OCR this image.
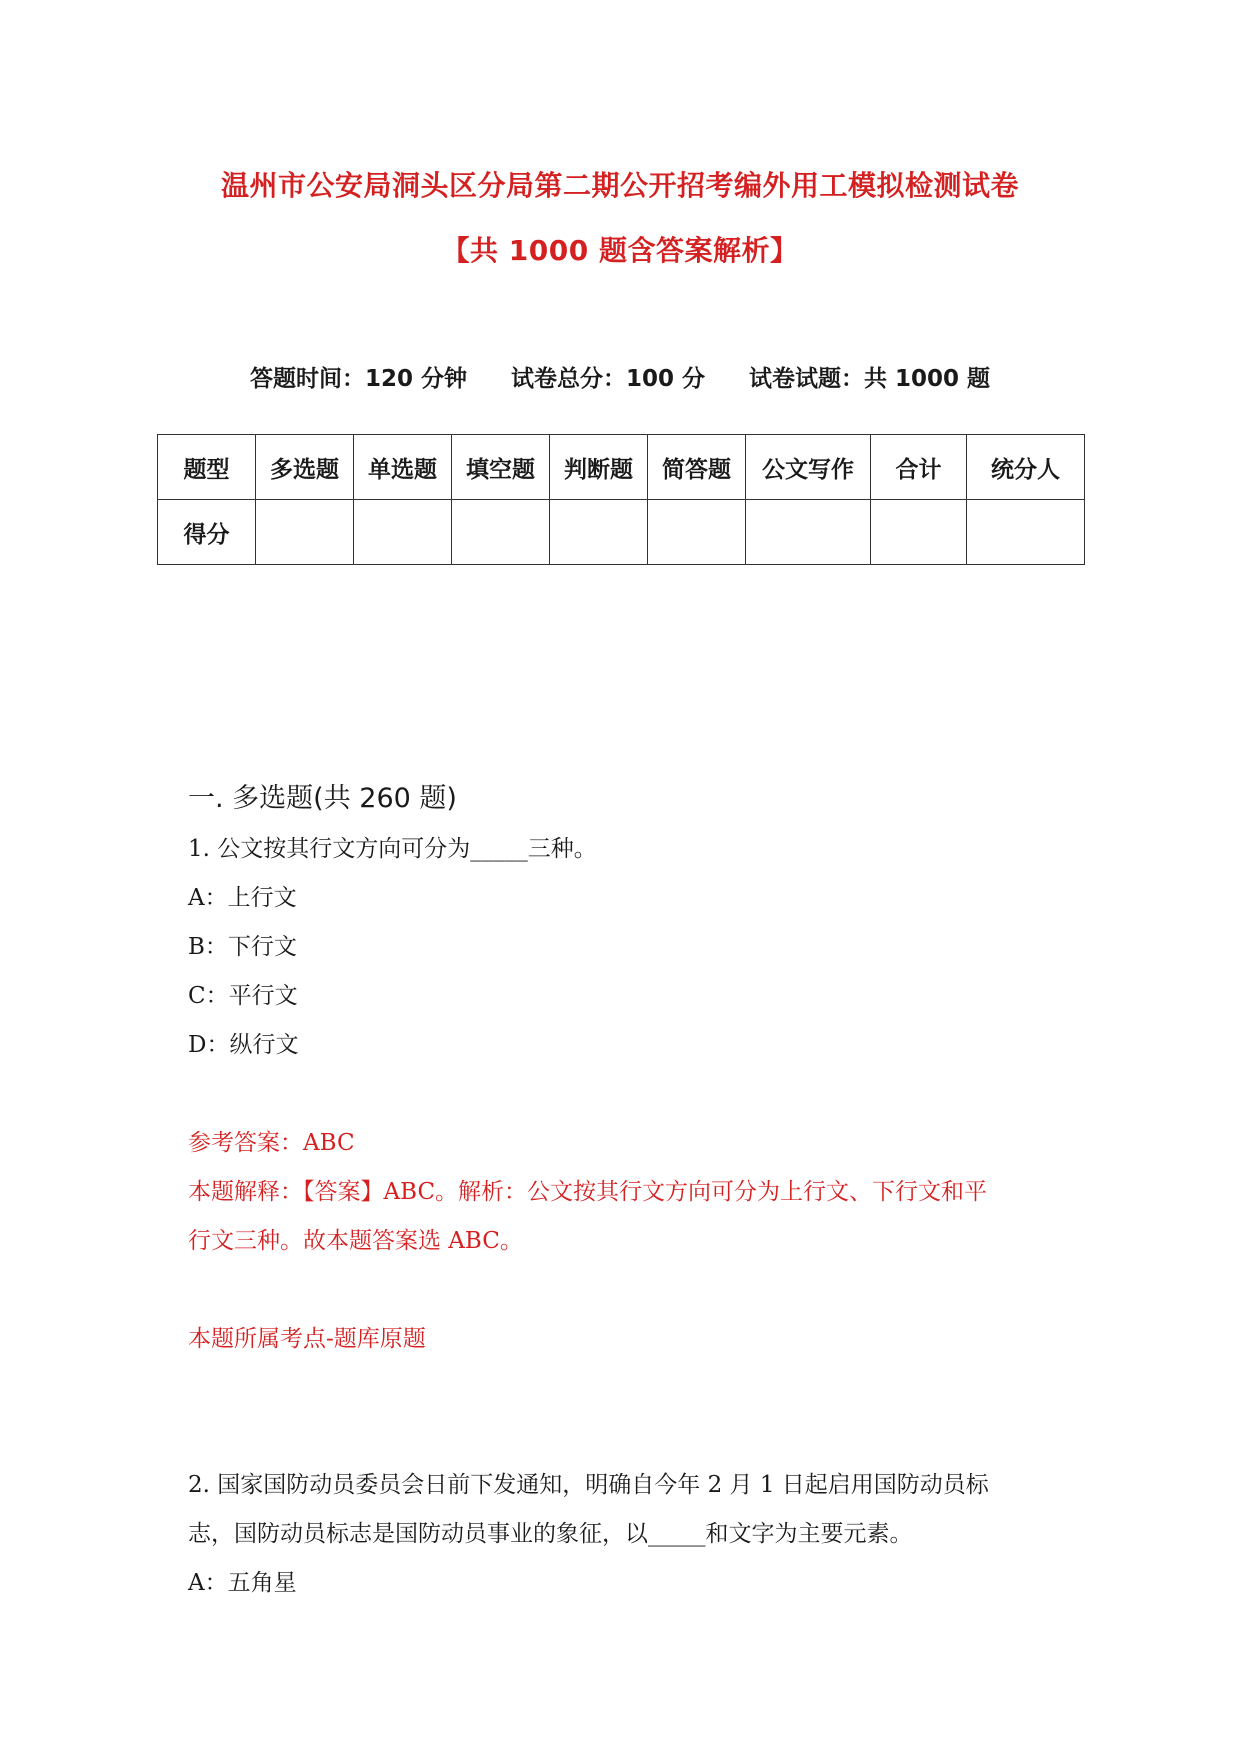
温州市公安局洞头区分局第二期公开招考编外用工模拟检测试卷
【共 1000 题含答案解析】
答题时间：120 分钟 试卷总分：100 分 试卷试题：共 1000 题
题型	多选题	单选题	填空题	判断题	简答题	公文写作	合计	统分人
得分								
一. 多选题(共 260 题)
1. 公文按其行文方向可分为_____三种。
A：上行文
B：下行文
C：平行文
D：纵行文
参考答案：ABC
本题解释：【答案】ABC。解析：公文按其行文方向可分为上行文、下行文和平
行文三种。故本题答案选 ABC。
本题所属考点-题库原题
2. 国家国防动员委员会日前下发通知，明确自今年 2 月 1 日起启用国防动员标
志，国防动员标志是国防动员事业的象征，以_____和文字为主要元素。
A：五角星
